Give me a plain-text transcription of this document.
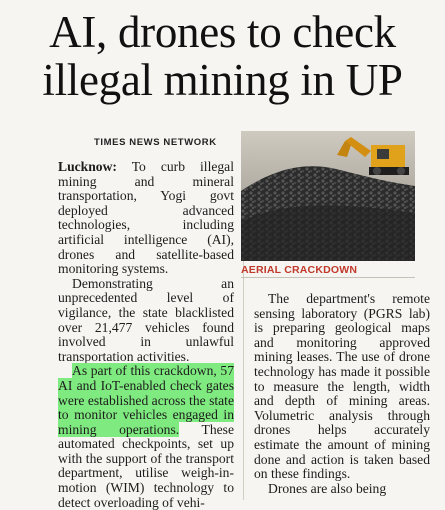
AI, drones to check
illegal mining in UP
TIMES NEWS NETWORK

Lucknow: To curb illegal mining and mineral transportation, Yogi govt deployed advanced technologies, including artificial intelligence (AI), drones and satellite-based monitoring systems.

Demonstrating an unprecedented level of vigilance, the state blacklisted over 21,477 vehicles found involved in unlawful transportation activities.

As part of this crackdown, 57 AI and IoT-enabled check gates were established across the state to monitor vehicles engaged in mining operations. These automated checkpoints, set up with the support of the transport department, utilise weigh-in-motion (WIM) technology to detect overloading of vehi-

AERIAL CRACKDOWN

The department's remote sensing laboratory (PGRS lab) is preparing geological maps and monitoring approved mining leases. The use of drone technology has made it possible to measure the length, width and depth of mining areas. Volumetric analysis through drones helps accurately estimate the amount of mining done and action is taken based on these findings.

Drones are also being
